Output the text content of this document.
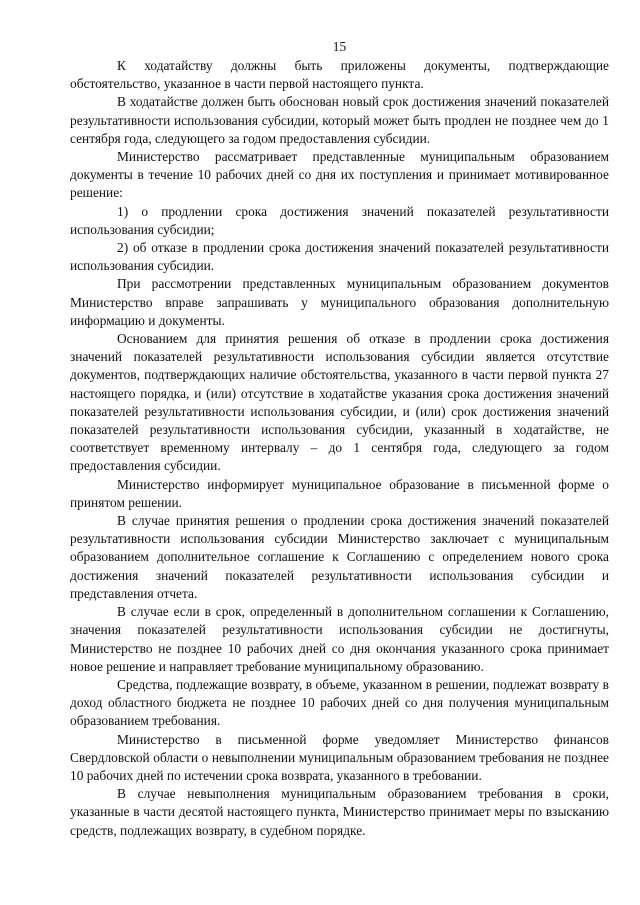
15

К ходатайству должны быть приложены документы, подтверждающие обстоятельство, указанное в части первой настоящего пункта.

В ходатайстве должен быть обоснован новый срок достижения значений показателей результативности использования субсидии, который может быть продлен не позднее чем до 1 сентября года, следующего за годом предоставления субсидии.

Министерство рассматривает представленные муниципальным образованием документы в течение 10 рабочих дней со дня их поступления и принимает мотивированное решение:

1) о продлении срока достижения значений показателей результативности использования субсидии;

2) об отказе в продлении срока достижения значений показателей результативности использования субсидии.

При рассмотрении представленных муниципальным образованием документов Министерство вправе запрашивать у муниципального образования дополнительную информацию и документы.

Основанием для принятия решения об отказе в продлении срока достижения значений показателей результативности использования субсидии является отсутствие документов, подтверждающих наличие обстоятельства, указанного в части первой пункта 27 настоящего порядка, и (или) отсутствие в ходатайстве указания срока достижения значений показателей результативности использования субсидии, и (или) срок достижения значений показателей результативности использования субсидии, указанный в ходатайстве, не соответствует временному интервалу – до 1 сентября года, следующего за годом предоставления субсидии.

Министерство информирует муниципальное образование в письменной форме о принятом решении.

В случае принятия решения о продлении срока достижения значений показателей результативности использования субсидии Министерство заключает с муниципальным образованием дополнительное соглашение к Соглашению с определением нового срока достижения значений показателей результативности использования субсидии и представления отчета.

В случае если в срок, определенный в дополнительном соглашении к Соглашению, значения показателей результативности использования субсидии не достигнуты, Министерство не позднее 10 рабочих дней со дня окончания указанного срока принимает новое решение и направляет требование муниципальному образованию.

Средства, подлежащие возврату, в объеме, указанном в решении, подлежат возврату в доход областного бюджета не позднее 10 рабочих дней со дня получения муниципальным образованием требования.

Министерство в письменной форме уведомляет Министерство финансов Свердловской области о невыполнении муниципальным образованием требования не позднее 10 рабочих дней по истечении срока возврата, указанного в требовании.

В случае невыполнения муниципальным образованием требования в сроки, указанные в части десятой настоящего пункта, Министерство принимает меры по взысканию средств, подлежащих возврату, в судебном порядке.
